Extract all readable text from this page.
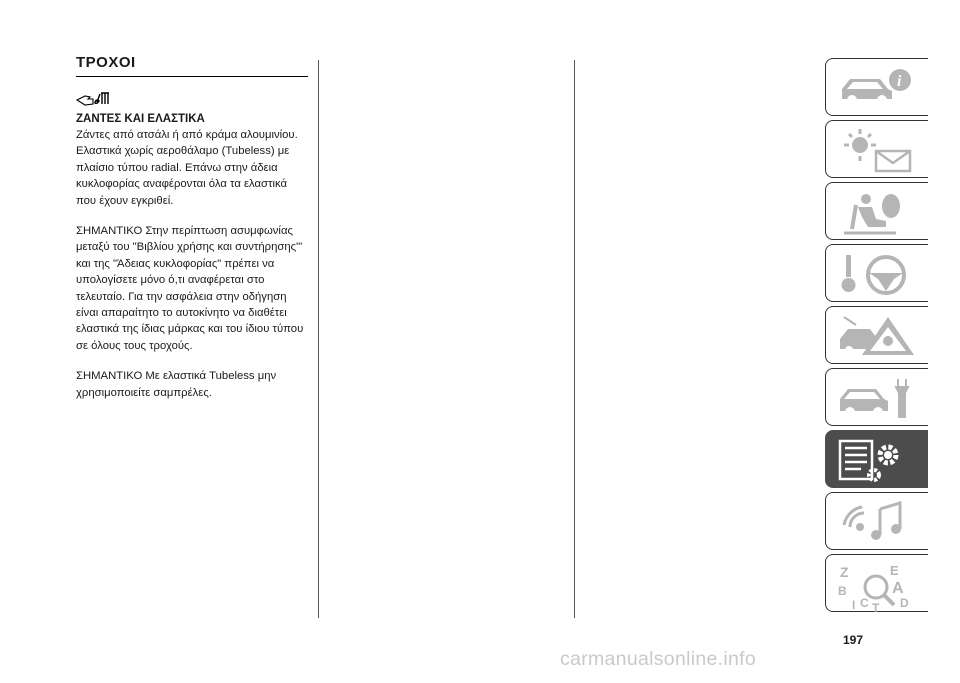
ΤΡΟΧΟΙ

ΖΑΝΤΕΣ ΚΑΙ ΕΛΑΣΤΙΚΑ

Ζάντες από ατσάλι ή από κράμα αλουμινίου. Ελαστικά χωρίς αεροθάλαμο (Tubeless) με πλαίσιο τύπου radial. Επάνω στην άδεια κυκλοφορίας αναφέρονται όλα τα ελαστικά που έχουν εγκριθεί.

ΣΗΜΑΝΤΙΚΟ Στην περίπτωση ασυμφωνίας μεταξύ του "Βιβλίου χρήσης και συντήρησης"' και της "Άδειας κυκλοφορίας" πρέπει να υπολογίσετε μόνο ό,τι αναφέρεται στο τελευταίο. Για την ασφάλεια στην οδήγηση είναι απαραίτητο το αυτοκίνητο να διαθέτει ελαστικά της ίδιας μάρκας και του ίδιου τύπου σε όλους τους τροχούς.

ΣΗΜΑΝΤΙΚΟ Με ελαστικά Tubeless μην χρησιμοποιείτε σαμπρέλες.

i
Z	E
B	A
I C T D
197
carmanualsonline.info
